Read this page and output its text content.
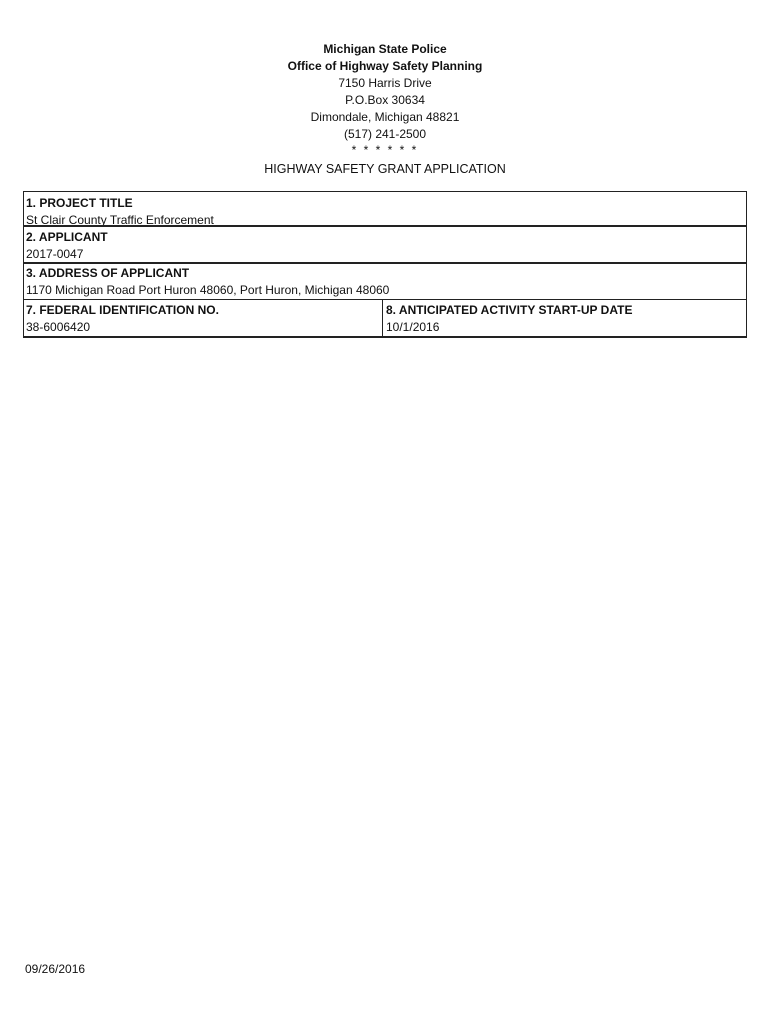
Michigan State Police
Office of Highway Safety Planning
7150 Harris Drive
P.O.Box 30634
Dimondale, Michigan 48821
(517) 241-2500
* * * * * *
HIGHWAY SAFETY GRANT APPLICATION
1. PROJECT TITLE
St Clair County Traffic Enforcement
2. APPLICANT
2017-0047
3. ADDRESS OF APPLICANT
1170 Michigan Road Port Huron 48060, Port Huron, Michigan 48060
7. FEDERAL IDENTIFICATION NO.
38-6006420
8. ANTICIPATED ACTIVITY START-UP DATE
10/1/2016
09/26/2016
